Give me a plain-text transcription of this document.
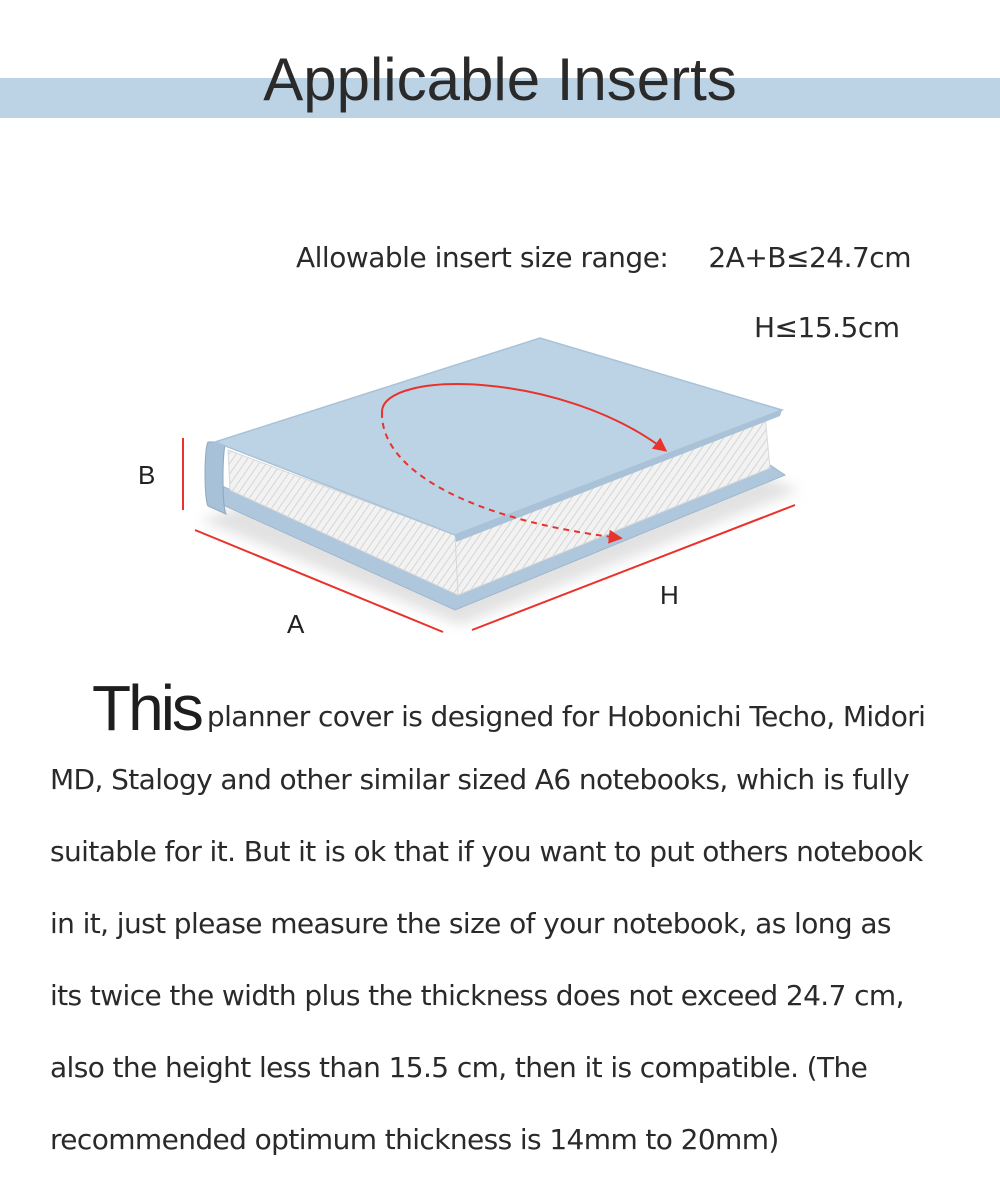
Applicable Inserts
Allowable insert size range: 2A+B≤24.7cm
H≤15.5cm
B
A
H
This planner cover is designed for Hobonichi Techo, Midori
MD, Stalogy and other similar sized A6 notebooks, which is fully
suitable for it. But it is ok that if you want to put others notebook
in it, just please measure the size of your notebook, as long as
its twice the width plus the thickness does not exceed 24.7 cm,
also the height less than 15.5 cm, then it is compatible. (The
recommended optimum thickness is 14mm to 20mm)
